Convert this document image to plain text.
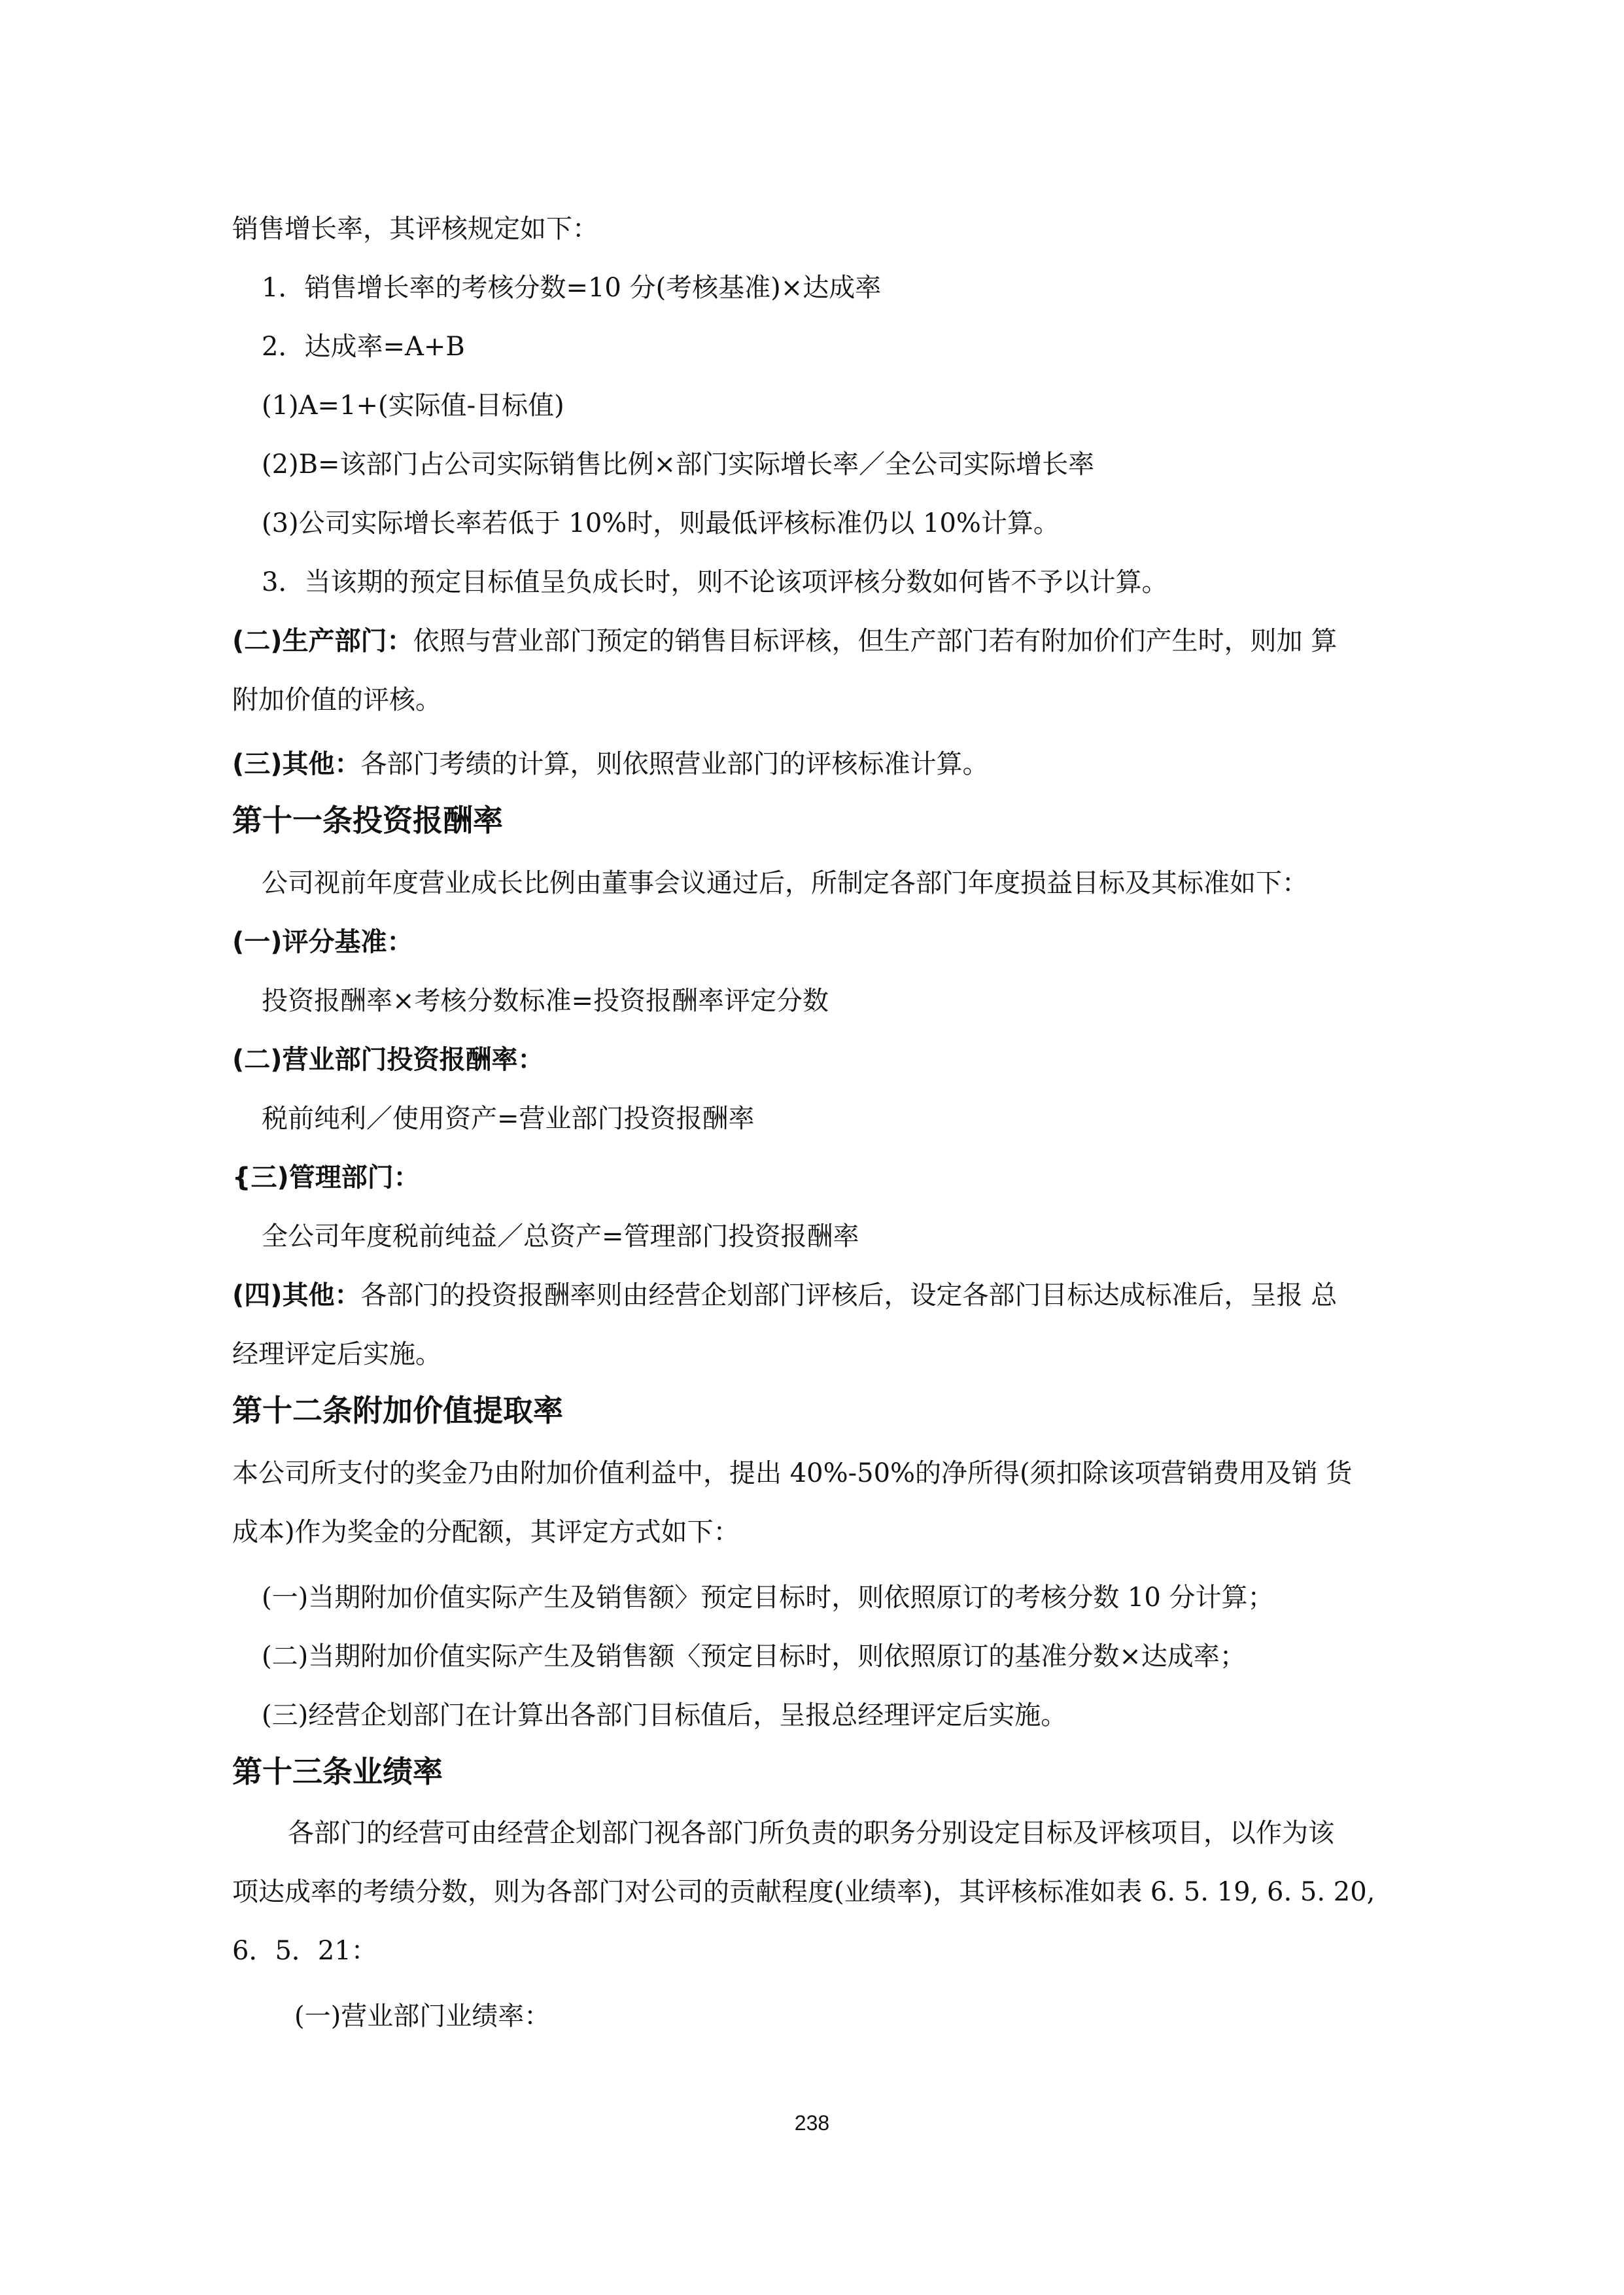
销售增长率，其评核规定如下：
1．销售增长率的考核分数=10 分(考核基准)×达成率
2．达成率=A+B
(1)A=1+(实际值-目标值)
(2)B=该部门占公司实际销售比例×部门实际增长率／全公司实际增长率
(3)公司实际增长率若低于 10%时，则最低评核标准仍以 10%计算。
3．当该期的预定目标值呈负成长时，则不论该项评核分数如何皆不予以计算。
(二)生产部门：依照与营业部门预定的销售目标评核，但生产部门若有附加价们产生时，则加 算
附加价值的评核。
(三)其他：各部门考绩的计算，则依照营业部门的评核标准计算。
第十一条投资报酬率
公司视前年度营业成长比例由董事会议通过后，所制定各部门年度损益目标及其标准如下：
(一)评分基准：
投资报酬率×考核分数标准=投资报酬率评定分数
(二)营业部门投资报酬率：
税前纯利／使用资产=营业部门投资报酬率
{三)管理部门：
全公司年度税前纯益／总资产=管理部门投资报酬率
(四)其他：各部门的投资报酬率则由经营企划部门评核后，设定各部门目标达成标准后，呈报 总
经理评定后实施。
第十二条附加价值提取率
本公司所支付的奖金乃由附加价值利益中，提出 40%-50%的净所得(须扣除该项营销费用及销 货
成本)作为奖金的分配额，其评定方式如下：
(一)当期附加价值实际产生及销售额〉预定目标时，则依照原订的考核分数 10 分计算；
(二)当期附加价值实际产生及销售额〈预定目标时，则依照原订的基准分数×达成率；
(三)经营企划部门在计算出各部门目标值后，呈报总经理评定后实施。
第十三条业绩率
各部门的经营可由经营企划部门视各部门所负责的职务分别设定目标及评核项目，以作为该
项达成率的考绩分数，则为各部门对公司的贡献程度(业绩率)，其评核标准如表 6. 5. 19, 6. 5. 20,
6．5．21：
(一)营业部门业绩率：
238
